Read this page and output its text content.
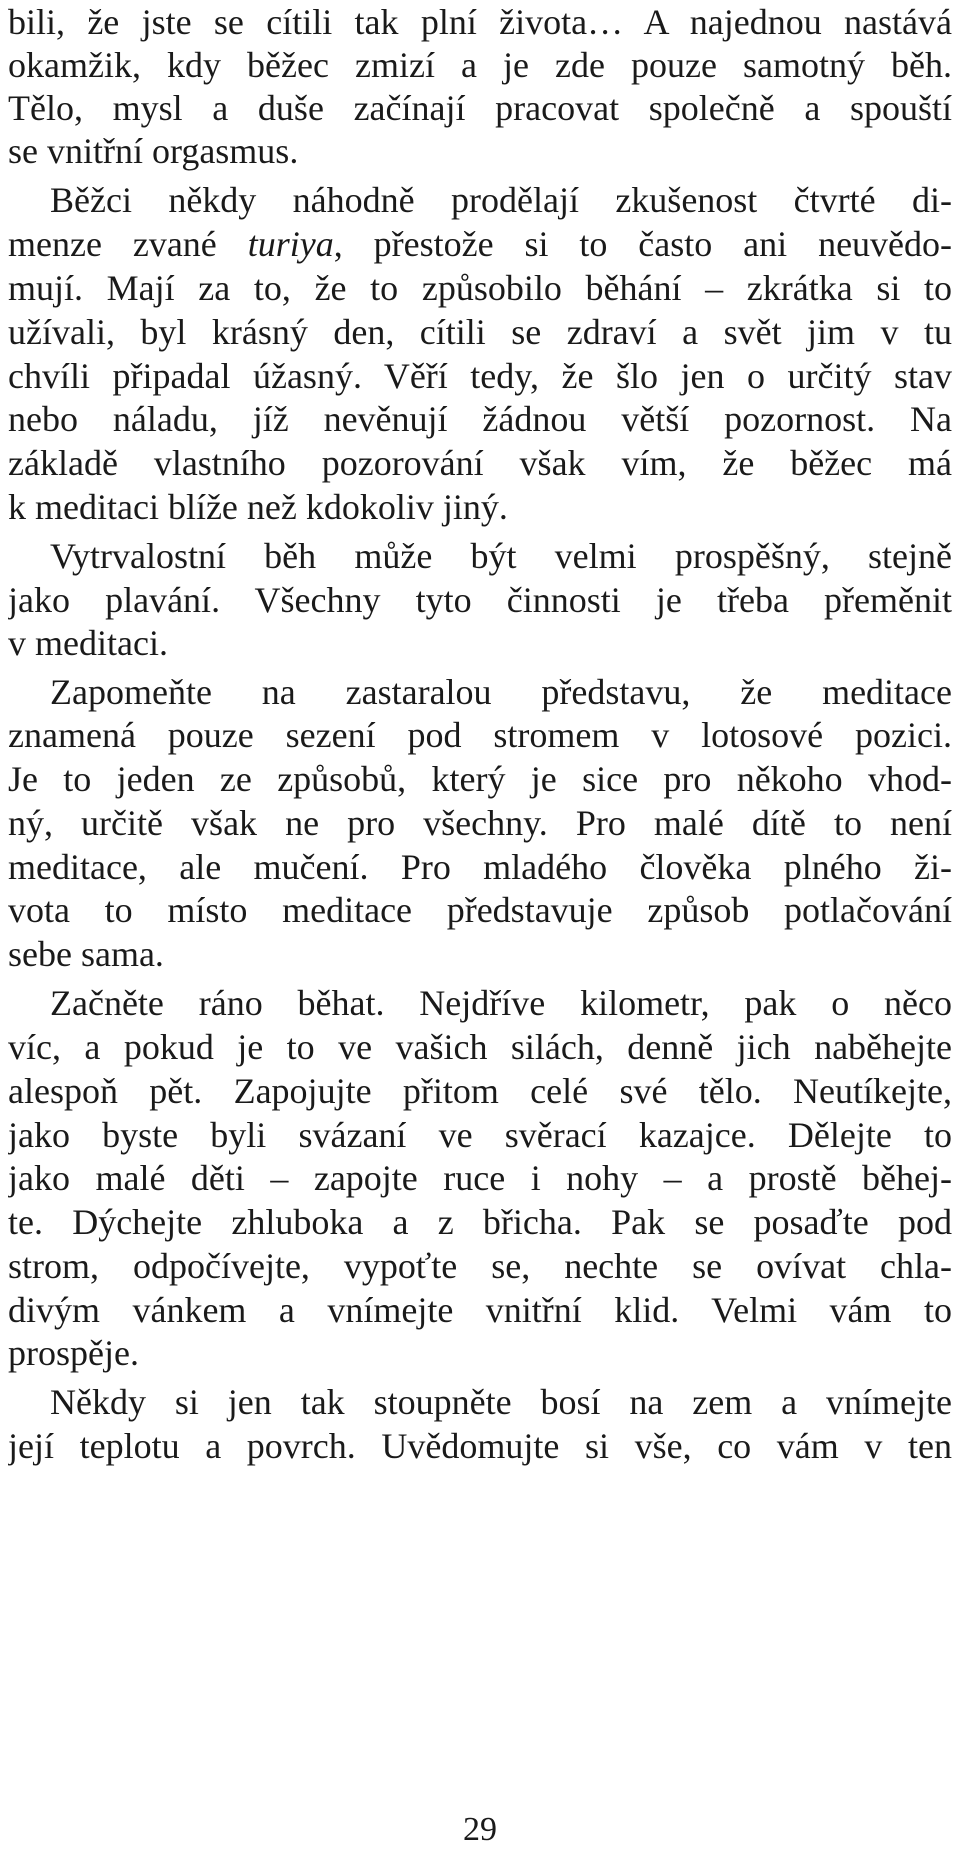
bili, že jste se cítili tak plní života… A najednou nastává
okamžik, kdy běžec zmizí a je zde pouze samotný běh.
Tělo, mysl a duše začínají pracovat společně a spouští
se vnitřní orgasmus.
Běžci někdy náhodně prodělají zkušenost čtvrté di-
menze zvané turiya, přestože si to často ani neuvědo-
mují. Mají za to, že to způsobilo běhání – zkrátka si to
užívali, byl krásný den, cítili se zdraví a svět jim v tu
chvíli připadal úžasný. Věří tedy, že šlo jen o určitý stav
nebo náladu, jíž nevěnují žádnou větší pozornost. Na
základě vlastního pozorování však vím, že běžec má
k meditaci blíže než kdokoliv jiný.
Vytrvalostní běh může být velmi prospěšný, stejně
jako plavání. Všechny tyto činnosti je třeba přeměnit
v meditaci.
Zapomeňte na zastaralou představu, že meditace
znamená pouze sezení pod stromem v lotosové pozici.
Je to jeden ze způsobů, který je sice pro někoho vhod-
ný, určitě však ne pro všechny. Pro malé dítě to není
meditace, ale mučení. Pro mladého člověka plného ži-
vota to místo meditace představuje způsob potlačování
sebe sama.
Začněte ráno běhat. Nejdříve kilometr, pak o něco
víc, a pokud je to ve vašich silách, denně jich naběhejte
alespoň pět. Zapojujte přitom celé své tělo. Neutíkejte,
jako byste byli svázaní ve svěrací kazajce. Dělejte to
jako malé děti – zapojte ruce i nohy – a prostě běhej-
te. Dýchejte zhluboka a z břicha. Pak se posaďte pod
strom, odpočívejte, vypoťte se, nechte se ovívat chla-
divým vánkem a vnímejte vnitřní klid. Velmi vám to
prospěje.
Někdy si jen tak stoupněte bosí na zem a vnímejte
její teplotu a povrch. Uvědomujte si vše, co vám v ten
29
